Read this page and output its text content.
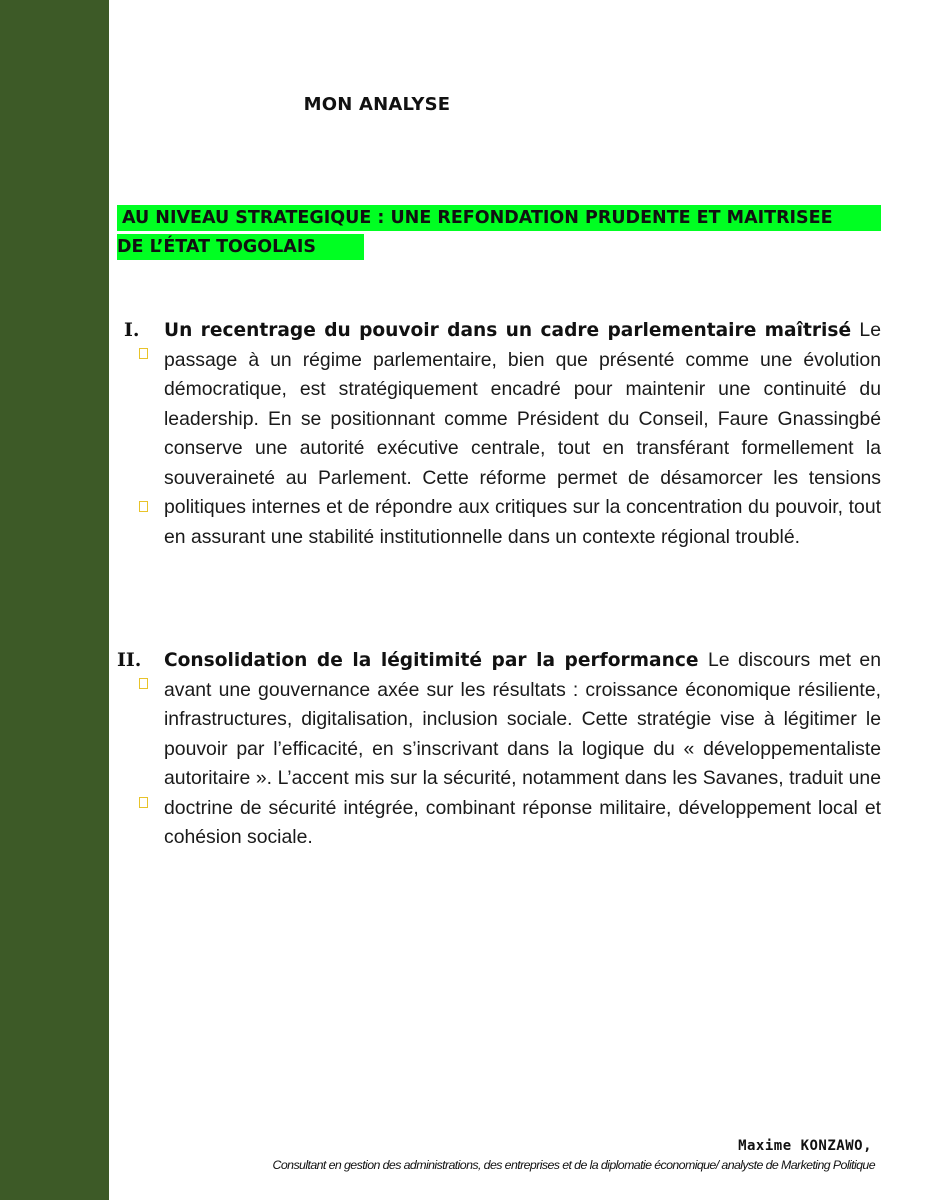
MON ANALYSE
AU NIVEAU STRATEGIQUE : UNE REFONDATION PRUDENTE ET MAITRISEE
DE L’ÉTAT TOGOLAIS
I.	Un recentrage du pouvoir dans un cadre parlementaire maîtrisé Le passage à un régime parlementaire, bien que présenté comme une évolution démocratique, est stratégiquement encadré pour maintenir une continuité du leadership. En se positionnant comme Président du Conseil, Faure Gnassingbé conserve une autorité exécutive centrale, tout en transférant formellement la souveraineté au Parlement. Cette réforme permet de désamorcer les tensions politiques internes et de répondre aux critiques sur la concentration du pouvoir, tout en assurant une stabilité institutionnelle dans un contexte régional troublé.
II.	Consolidation de la légitimité par la performance Le discours met en avant une gouvernance axée sur les résultats : croissance économique résiliente, infrastructures, digitalisation, inclusion sociale. Cette stratégie vise à légitimer le pouvoir par l’efficacité, en s’inscrivant dans la logique du « développementaliste autoritaire ». L’accent mis sur la sécurité, notamment dans les Savanes, traduit une doctrine de sécurité intégrée, combinant réponse militaire, développement local et cohésion sociale.
Maxime KONZAWO,
Consultant en gestion des administrations, des entreprises et de la diplomatie économique/ analyste de Marketing Politique
